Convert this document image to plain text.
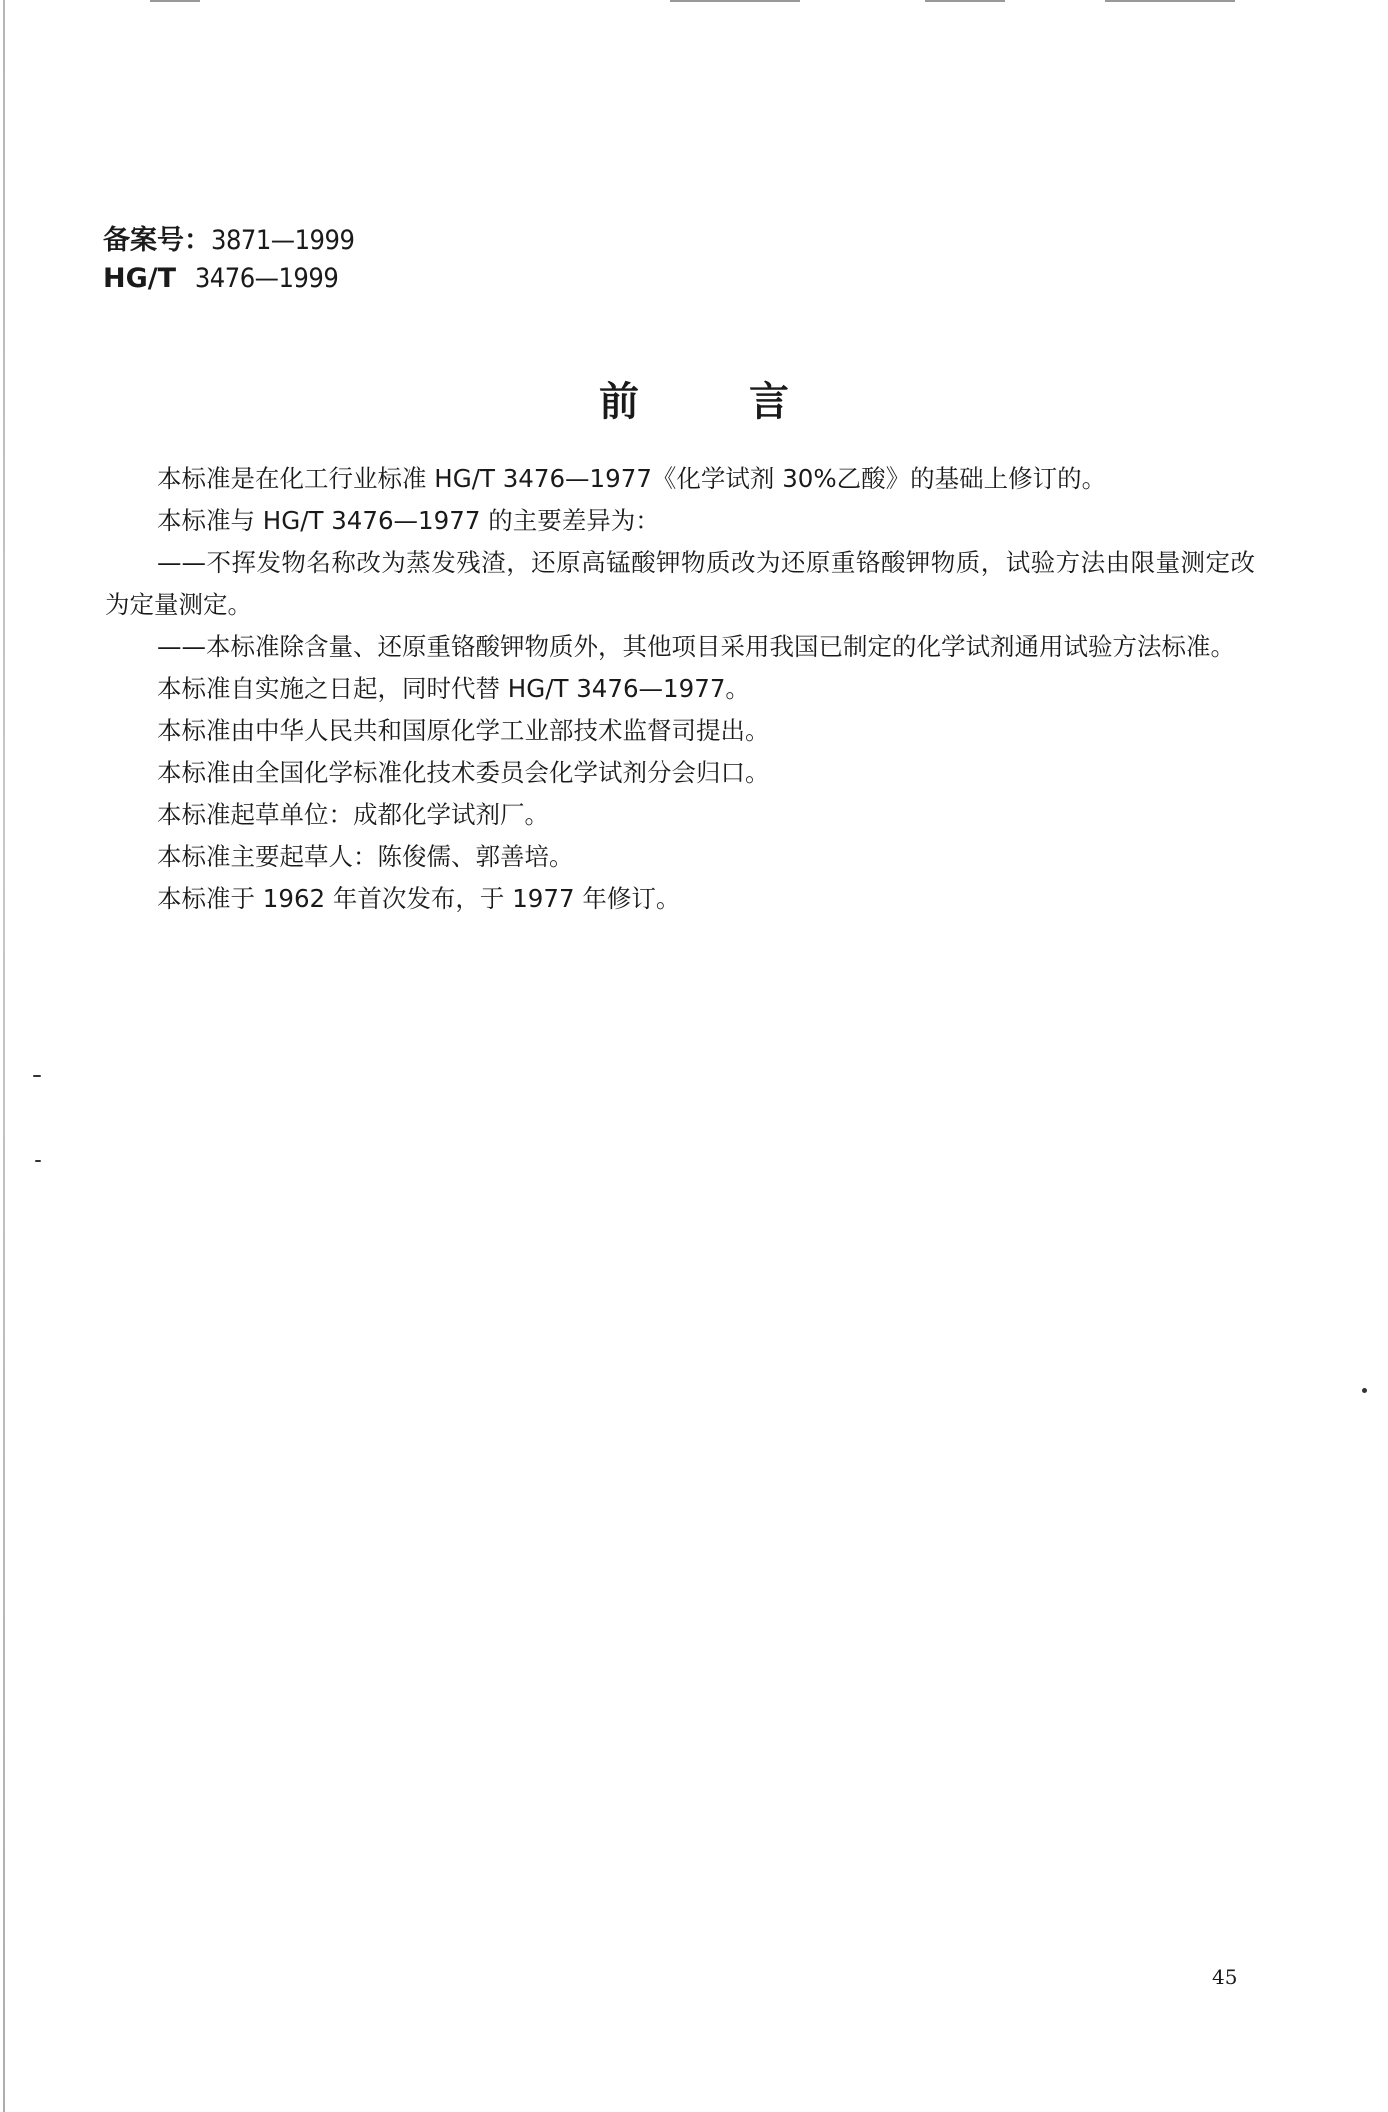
备案号：3871—1999
HG/T 3476—1999
前言

本标准是在化工行业标准 HG/T 3476—1977《化学试剂 30%乙酸》的基础上修订的。

本标准与 HG/T 3476—1977 的主要差异为：

——不挥发物名称改为蒸发残渣，还原高锰酸钾物质改为还原重铬酸钾物质，试验方法由限量测定改为定量测定。

——本标准除含量、还原重铬酸钾物质外，其他项目采用我国已制定的化学试剂通用试验方法标准。

本标准自实施之日起，同时代替 HG/T 3476—1977。

本标准由中华人民共和国原化学工业部技术监督司提出。

本标准由全国化学标准化技术委员会化学试剂分会归口。

本标准起草单位：成都化学试剂厂。

本标准主要起草人：陈俊儒、郭善培。

本标准于 1962 年首次发布，于 1977 年修订。

45
